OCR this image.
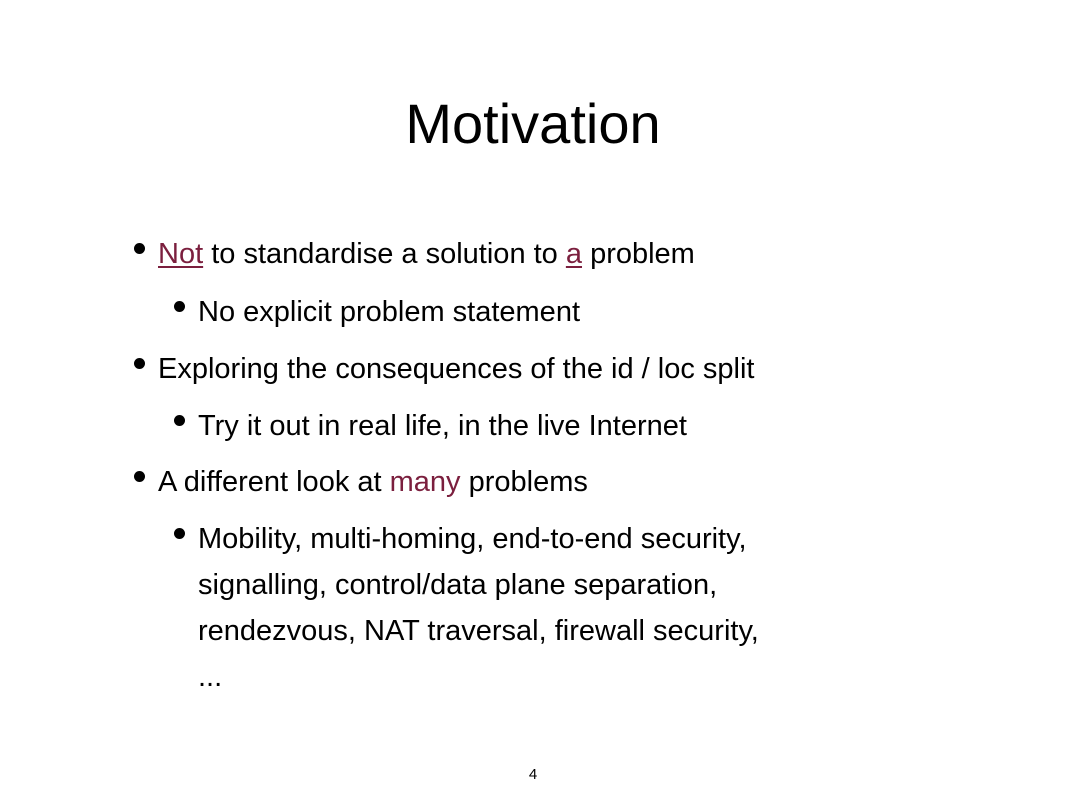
Motivation
Not to standardise a solution to a problem
No explicit problem statement
Exploring the consequences of the id / loc split
Try it out in real life, in the live Internet
A different look at many problems
Mobility, multi-homing, end-to-end security,
signalling, control/data plane separation,
rendezvous, NAT traversal, firewall security,
...
4
